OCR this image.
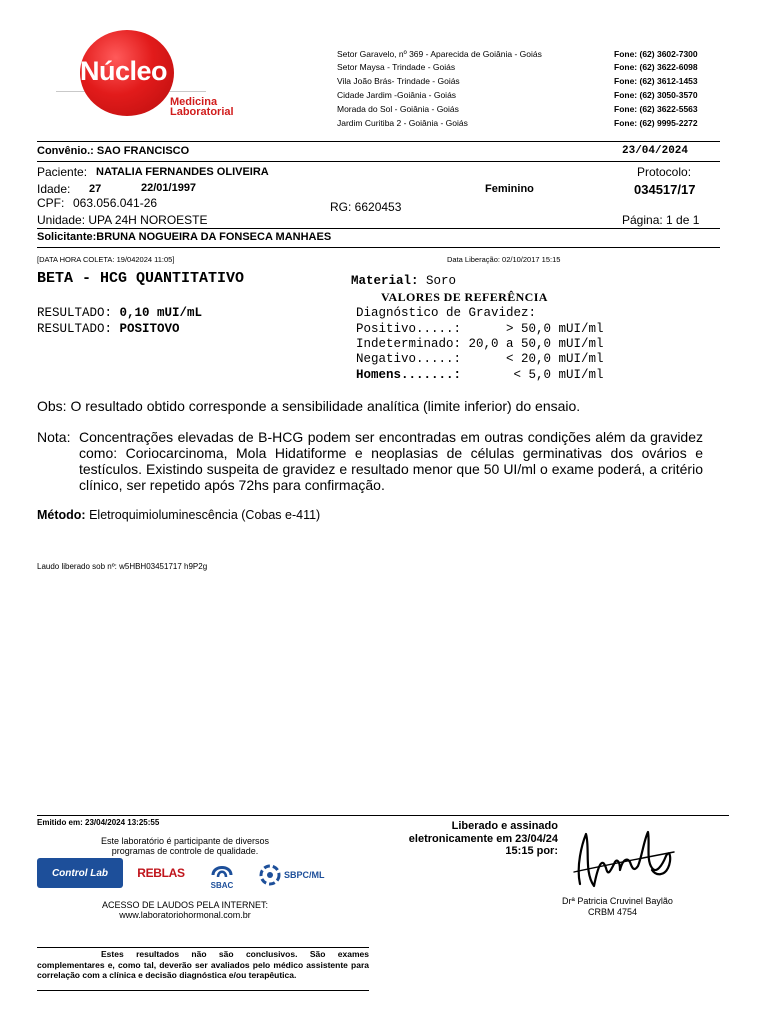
Núcleo
Medicina
Laboratorial
Setor Garavelo, nº 369 - Aparecida de Goiânia - Goiás	Fone: (62) 3602-7300
Setor Maysa - Trindade - Goiás	Fone: (62) 3622-6098
Vila João Brás- Trindade - Goiás	Fone: (62) 3612-1453
Cidade Jardim -Goiânia - Goiás	Fone: (62) 3050-3570
Morada do Sol - Goiânia - Goiás	Fone: (62) 3622-5563
Jardim Curitiba 2 - Goiânia - Goiás	Fone: (62) 9995-2272
Convênio.: SAO FRANCISCO	23/04/2024
Paciente: NATALIA FERNANDES OLIVEIRA	Protocolo:
Idade: 27	22/01/1997	Feminino	034517/17
CPF: 063.056.041-26	RG: 6620453
Unidade: UPA 24H NOROESTE	Página: 1 de 1
Solicitante:BRUNA NOGUEIRA DA FONSECA MANHAES
[DATA HORA COLETA: 19/042024 11:05]	Data Liberação: 02/10/2017 15:15
BETA - HCG QUANTITATIVO	Material: Soro
VALORES DE REFERÊNCIA
RESULTADO: 0,10 mUI/mL
RESULTADO: POSITOVO
Diagnóstico de Gravidez:
Positivo.....:      > 50,0 mUI/ml
Indeterminado: 20,0 a 50,0 mUI/ml
Negativo.....:      < 20,0 mUI/ml
Homens.......:       < 5,0 mUI/ml
Obs: O resultado obtido corresponde a sensibilidade analítica (limite inferior) do ensaio.
Nota: Concentrações elevadas de B-HCG podem ser encontradas em outras condições além da gravidez como: Coriocarcinoma, Mola Hidatiforme e neoplasias de células germinativas dos ovários e testículos. Existindo suspeita de gravidez e resultado menor que 50 UI/ml o exame poderá, a critério clínico, ser repetido após 72hs para confirmação.
Método: Eletroquimioluminescência (Cobas e-411)
Laudo liberado sob nº: w5HBH03451717 h9P2g
Emitido em: 23/04/2024 13:25:55
Este laboratório é participante de diversos
programas de controle de qualidade.
Control Lab REBLAS
SBAC
SBPC/ML
ACESSO DE LAUDOS PELA INTERNET:
www.laboratoriohormonal.com.br
Liberado e assinado
eletronicamente em 23/04/24
15:15 por:
Drª Patricia Cruvinel Baylão
CRBM 4754
Estes resultados não são conclusivos. São exames complementares e, como tal, deverão ser avaliados pelo médico assistente para correlação com a clínica e decisão diagnóstica e/ou terapêutica.
